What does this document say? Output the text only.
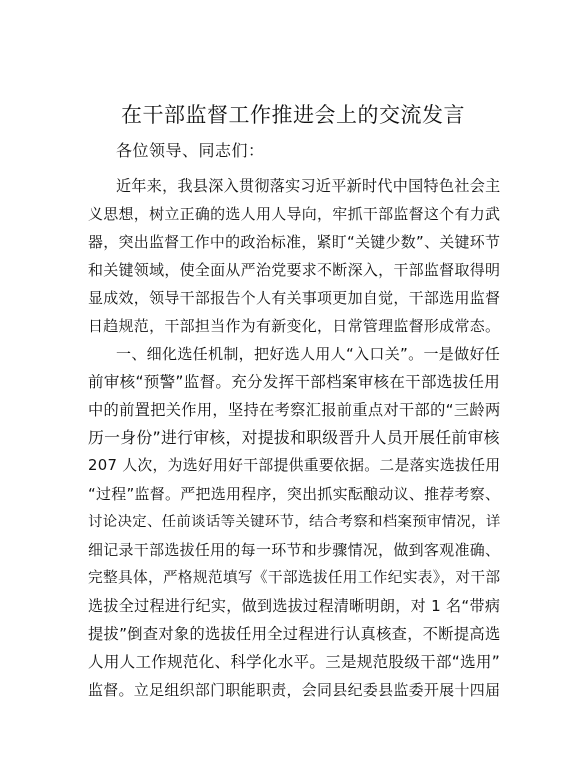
在干部监督工作推进会上的交流发言
各位领导、同志们：
近年来，我县深入贯彻落实习近平新时代中国特色社会主
义思想，树立正确的选人用人导向，牢抓干部监督这个有力武
器，突出监督工作中的政治标准，紧盯“关键少数”、关键环节
和关键领域，使全面从严治党要求不断深入，干部监督取得明
显成效，领导干部报告个人有关事项更加自觉，干部选用监督
日趋规范，干部担当作为有新变化，日常管理监督形成常态。
一、细化选任机制，把好选人用人“入口关”。一是做好任
前审核“预警”监督。充分发挥干部档案审核在干部选拔任用
中的前置把关作用，坚持在考察汇报前重点对干部的“三龄两
历一身份”进行审核，对提拔和职级晋升人员开展任前审核
207 人次，为选好用好干部提供重要依据。二是落实选拔任用
“过程”监督。严把选用程序，突出抓实酝酿动议、推荐考察、
讨论决定、任前谈话等关键环节，结合考察和档案预审情况，详
细记录干部选拔任用的每一环节和步骤情况，做到客观准确、
完整具体，严格规范填写《干部选拔任用工作纪实表》，对干部
选拔全过程进行纪实，做到选拔过程清晰明朗，对 1 名“带病
提拔”倒查对象的选拔任用全过程进行认真核查，不断提高选
人用人工作规范化、科学化水平。三是规范股级干部“选用”
监督。立足组织部门职能职责，会同县纪委县监委开展十四届
